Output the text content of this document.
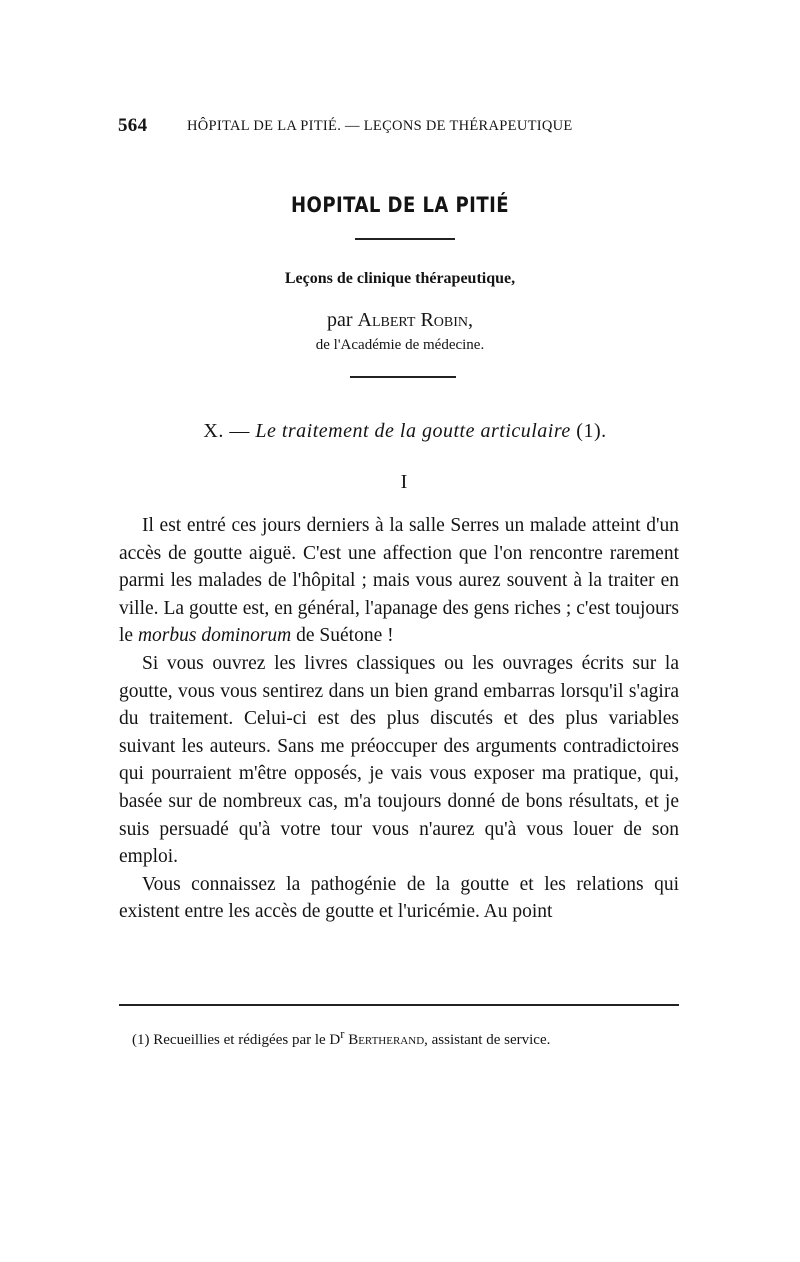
564	HÔPITAL DE LA PITIÉ. — LEÇONS DE THÉRAPEUTIQUE
HOPITAL DE LA PITIÉ
Leçons de clinique thérapeutique,
par Albert Robin,
de l'Académie de médecine.
X. — Le traitement de la goutte articulaire (1).
I

Il est entré ces jours derniers à la salle Serres un malade atteint d'un accès de goutte aiguë. C'est une affection que l'on rencontre rarement parmi les malades de l'hôpital ; mais vous aurez souvent à la traiter en ville. La goutte est, en général, l'apanage des gens riches ; c'est toujours le morbus dominorum de Suétone !

Si vous ouvrez les livres classiques ou les ouvrages écrits sur la goutte, vous vous sentirez dans un bien grand embarras lorsqu'il s'agira du traitement. Celui-ci est des plus discutés et des plus variables suivant les auteurs. Sans me préoccuper des arguments contradictoires qui pourraient m'être opposés, je vais vous exposer ma pratique, qui, basée sur de nombreux cas, m'a toujours donné de bons résultats, et je suis persuadé qu'à votre tour vous n'aurez qu'à vous louer de son emploi.

Vous connaissez la pathogénie de la goutte et les relations qui existent entre les accès de goutte et l'uricémie. Au point

(1) Recueillies et rédigées par le $D^r$ Bertherand, assistant de service.
